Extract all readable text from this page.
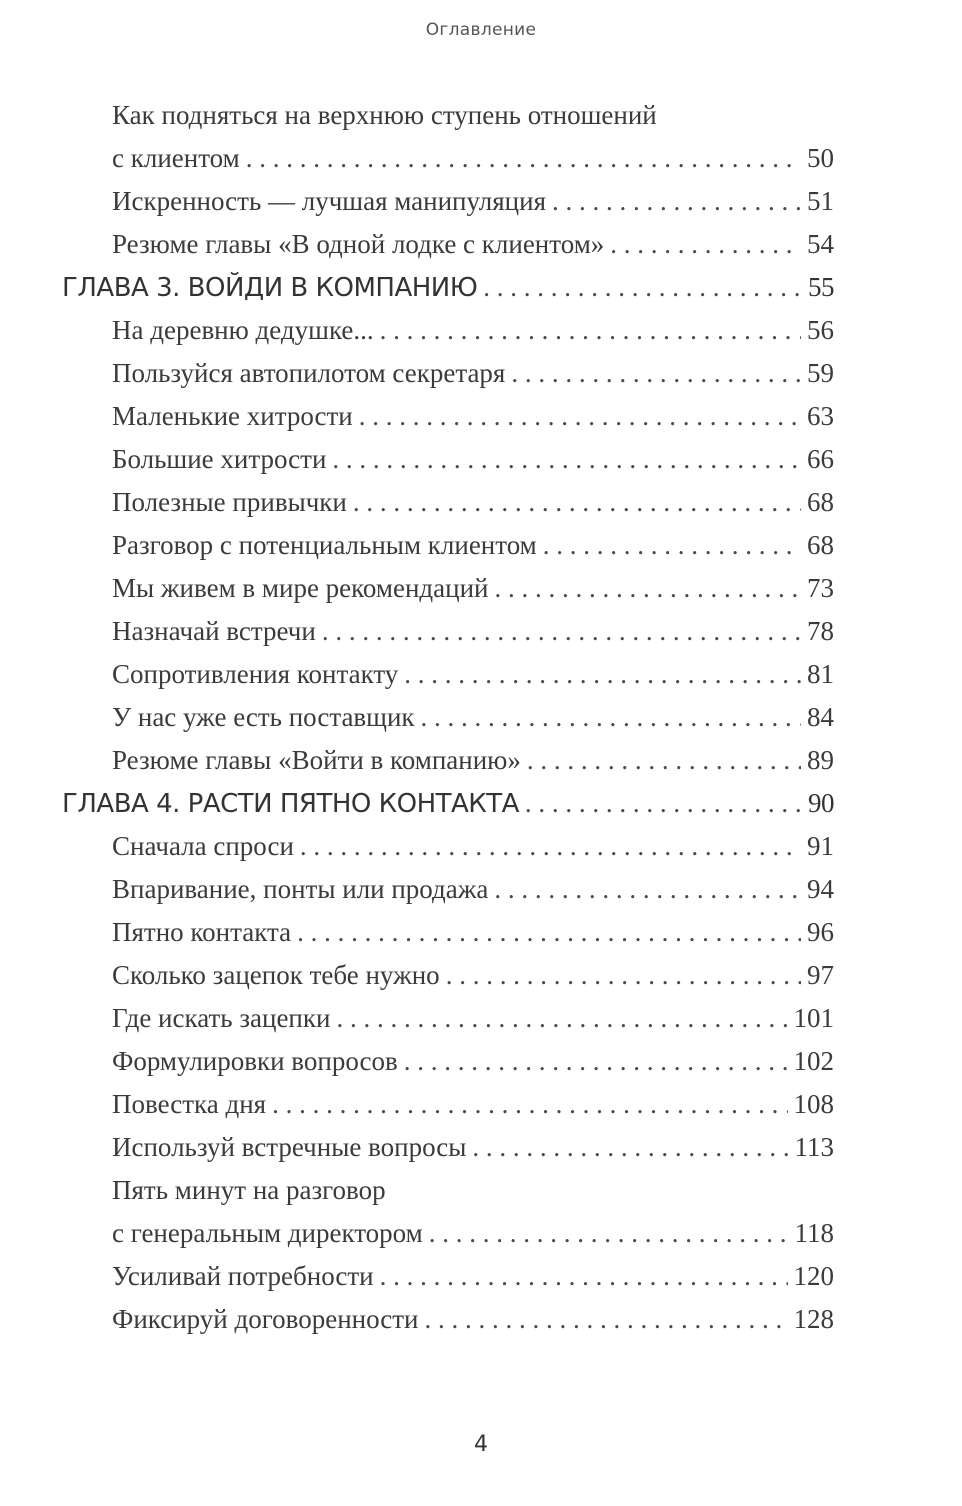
Оглавление
Как подняться на верхнюю ступень отношений
с клиентом . . .	50
Искренность — лучшая манипуляция . . .	51
Резюме главы «В одной лодке с клиентом» . . .	54
ГЛАВА 3. ВОЙДИ В КОМПАНИЮ . . .	55
На деревню дедушке... . . .	56
Пользуйся автопилотом секретаря . . .	59
Маленькие хитрости . . .	63
Большие хитрости . . .	66
Полезные привычки . . .	68
Разговор с потенциальным клиентом . . .	68
Мы живем в мире рекомендаций . . .	73
Назначай встречи . . .	78
Сопротивления контакту . . .	81
У нас уже есть поставщик . . .	84
Резюме главы «Войти в компанию» . . .	89
ГЛАВА 4. РАСТИ ПЯТНО КОНТАКТА . . .	90
Сначала спроси . . .	91
Впаривание, понты или продажа . . .	94
Пятно контакта . . .	96
Сколько зацепок тебе нужно . . .	97
Где искать зацепки . . .	101
Формулировки вопросов . . .	102
Повестка дня . . .	108
Используй встречные вопросы . . .	113
Пять минут на разговор
с генеральным директором . . .	118
Усиливай потребности . . .	120
Фиксируй договоренности . . .	128
4
